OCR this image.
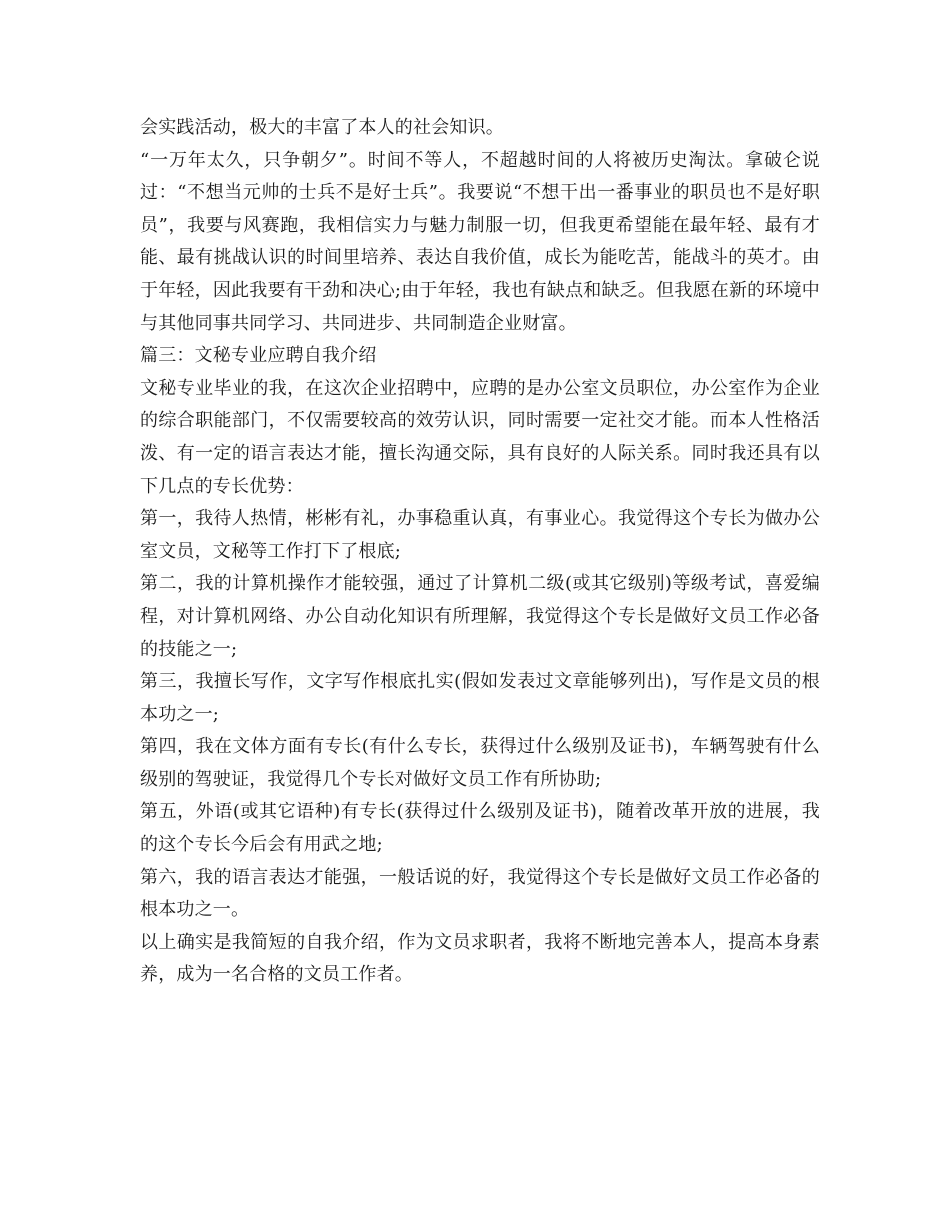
会实践活动，极大的丰富了本人的社会知识。

“一万年太久，只争朝夕”。时间不等人，不超越时间的人将被历史淘汰。拿破仑说过：“不想当元帅的士兵不是好士兵”。我要说“不想干出一番事业的职员也不是好职员”，我要与风赛跑，我相信实力与魅力制服一切，但我更希望能在最年轻、最有才能、最有挑战认识的时间里培养、表达自我价值，成长为能吃苦，能战斗的英才。由于年轻，因此我要有干劲和决心;由于年轻，我也有缺点和缺乏。但我愿在新的环境中与其他同事共同学习、共同进步、共同制造企业财富。

篇三：文秘专业应聘自我介绍

文秘专业毕业的我，在这次企业招聘中，应聘的是办公室文员职位，办公室作为企业的综合职能部门，不仅需要较高的效劳认识，同时需要一定社交才能。而本人性格活泼、有一定的语言表达才能，擅长沟通交际，具有良好的人际关系。同时我还具有以下几点的专长优势：

第一，我待人热情，彬彬有礼，办事稳重认真，有事业心。我觉得这个专长为做办公室文员，文秘等工作打下了根底;

第二，我的计算机操作才能较强，通过了计算机二级(或其它级别)等级考试，喜爱编程，对计算机网络、办公自动化知识有所理解，我觉得这个专长是做好文员工作必备的技能之一;

第三，我擅长写作，文字写作根底扎实(假如发表过文章能够列出)，写作是文员的根本功之一;

第四，我在文体方面有专长(有什么专长，获得过什么级别及证书)，车辆驾驶有什么级别的驾驶证，我觉得几个专长对做好文员工作有所协助;

第五，外语(或其它语种)有专长(获得过什么级别及证书)，随着改革开放的进展，我的这个专长今后会有用武之地;

第六，我的语言表达才能强，一般话说的好，我觉得这个专长是做好文员工作必备的根本功之一。

以上确实是我简短的自我介绍，作为文员求职者，我将不断地完善本人，提高本身素养，成为一名合格的文员工作者。
